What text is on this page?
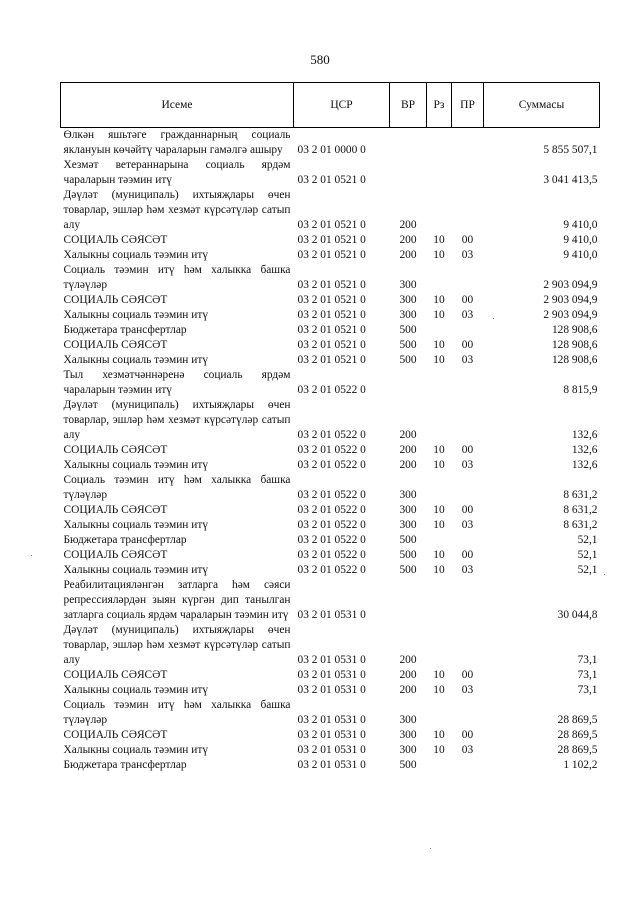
580
Исеме	ЦСР	ВР	Рз	ПР	Суммасы
Өлкән яшьтәге гражданнарның социаль яклануын көчәйтү чараларын гамәлгә ашыру	03 2 01 0000 0				5 855 507,1
Хезмәт ветераннарына социаль ярдәм чараларын тәэмин итү	03 2 01 0521 0				3 041 413,5
Дәүләт (муниципаль) ихтыяҗлары өчен товарлар, эшләр һәм хезмәт күрсәтүләр сатып алу	03 2 01 0521 0	200			9 410,0
СОЦИАЛЬ СӘЯСӘТ	03 2 01 0521 0	200	10	00	9 410,0
Халыкны социаль тәэмин итү	03 2 01 0521 0	200	10	03	9 410,0
Социаль тәэмин итү һәм халыкка башка түләүләр	03 2 01 0521 0	300			2 903 094,9
СОЦИАЛЬ СӘЯСӘТ	03 2 01 0521 0	300	10	00	2 903 094,9
Халыкны социаль тәэмин итү	03 2 01 0521 0	300	10	03	2 903 094,9
Бюджетара трансфертлар	03 2 01 0521 0	500			128 908,6
СОЦИАЛЬ СӘЯСӘТ	03 2 01 0521 0	500	10	00	128 908,6
Халыкны социаль тәэмин итү	03 2 01 0521 0	500	10	03	128 908,6
Тыл хезмәтчәннәренә социаль ярдәм чараларын тәэмин итү	03 2 01 0522 0				8 815,9
Дәүләт (муниципаль) ихтыяҗлары өчен товарлар, эшләр һәм хезмәт күрсәтүләр сатып алу	03 2 01 0522 0	200			132,6
СОЦИАЛЬ СӘЯСӘТ	03 2 01 0522 0	200	10	00	132,6
Халыкны социаль тәэмин итү	03 2 01 0522 0	200	10	03	132,6
Социаль тәэмин итү һәм халыкка башка түләүләр	03 2 01 0522 0	300			8 631,2
СОЦИАЛЬ СӘЯСӘТ	03 2 01 0522 0	300	10	00	8 631,2
Халыкны социаль тәэмин итү	03 2 01 0522 0	300	10	03	8 631,2
Бюджетара трансфертлар	03 2 01 0522 0	500			52,1
СОЦИАЛЬ СӘЯСӘТ	03 2 01 0522 0	500	10	00	52,1
Халыкны социаль тәэмин итү	03 2 01 0522 0	500	10	03	52,1
Реабилитацияләнгән затларга һәм сәяси репрессияләрдән зыян күргән дип танылган затларга социаль ярдәм чараларын тәэмин итү	03 2 01 0531 0				30 044,8
Дәүләт (муниципаль) ихтыяҗлары өчен товарлар, эшләр һәм хезмәт күрсәтүләр сатып алу	03 2 01 0531 0	200			73,1
СОЦИАЛЬ СӘЯСӘТ	03 2 01 0531 0	200	10	00	73,1
Халыкны социаль тәэмин итү	03 2 01 0531 0	200	10	03	73,1
Социаль тәэмин итү һәм халыкка башка түләүләр	03 2 01 0531 0	300			28 869,5
СОЦИАЛЬ СӘЯСӘТ	03 2 01 0531 0	300	10	00	28 869,5
Халыкны социаль тәэмин итү	03 2 01 0531 0	300	10	03	28 869,5
Бюджетара трансфертлар	03 2 01 0531 0	500			1 102,2
